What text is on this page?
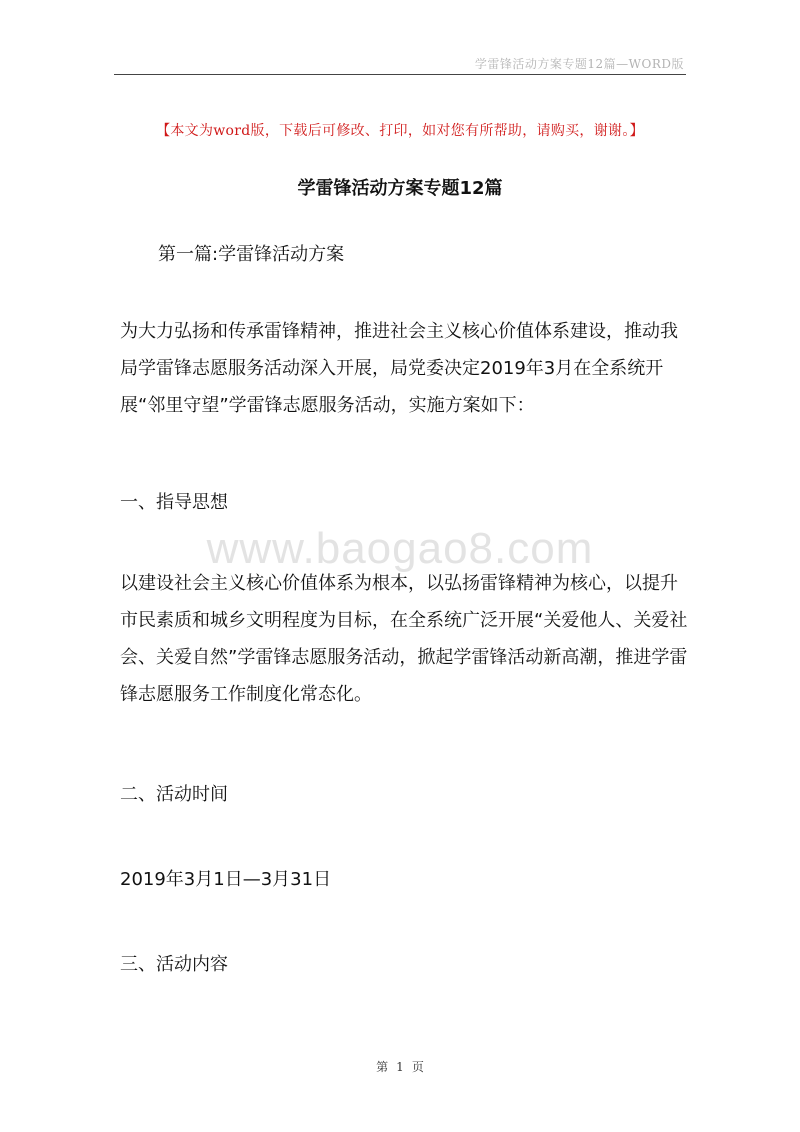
学雷锋活动方案专题12篇—WORD版
【本文为word版，下载后可修改、打印，如对您有所帮助，请购买，谢谢。】
学雷锋活动方案专题12篇
第一篇:学雷锋活动方案
为大力弘扬和传承雷锋精神，推进社会主义核心价值体系建设，推动我局学雷锋志愿服务活动深入开展，局党委决定2019年3月在全系统开展“邻里守望”学雷锋志愿服务活动，实施方案如下：
一、指导思想
www.baogao8.com
以建设社会主义核心价值体系为根本，以弘扬雷锋精神为核心，以提升市民素质和城乡文明程度为目标，在全系统广泛开展“关爱他人、关爱社会、关爱自然”学雷锋志愿服务活动，掀起学雷锋活动新高潮，推进学雷锋志愿服务工作制度化常态化。
二、活动时间
2019年3月1日—3月31日
三、活动内容
第 1 页
